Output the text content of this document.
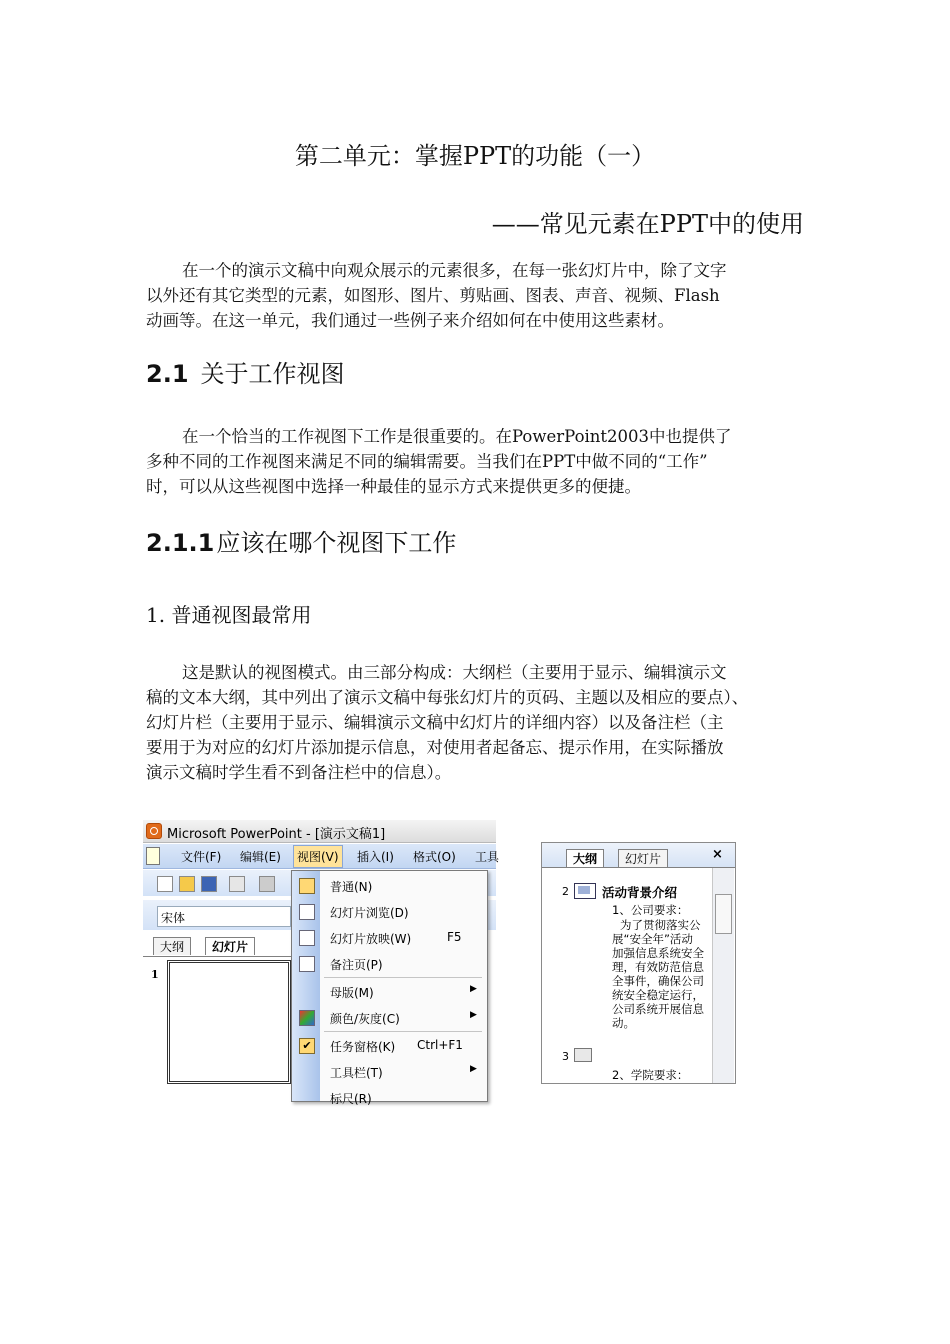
第二单元：掌握PPT的功能（一）
——常见元素在PPT中的使用

在一个的演示文稿中向观众展示的元素很多，在每一张幻灯片中，除了文字

以外还有其它类型的元素，如图形、图片、剪贴画、图表、声音、视频、Flash

动画等。在这一单元，我们通过一些例子来介绍如何在中使用这些素材。

2.1 关于工作视图

在一个恰当的工作视图下工作是很重要的。在PowerPoint2003中也提供了

多种不同的工作视图来满足不同的编辑需要。当我们在PPT中做不同的“工作”

时，可以从这些视图中选择一种最佳的显示方式来提供更多的便捷。

2.1.1应该在哪个视图下工作
1. 普通视图最常用

这是默认的视图模式。由三部分构成：大纲栏（主要用于显示、编辑演示文

稿的文本大纲，其中列出了演示文稿中每张幻灯片的页码、主题以及相应的要点）、

幻灯片栏（主要用于显示、编辑演示文稿中幻灯片的详细内容）以及备注栏（主

要用于为对应的幻灯片添加提示信息，对使用者起备忘、提示作用，在实际播放

演示文稿时学生看不到备注栏中的信息）。

Microsoft PowerPoint - [演示文稿1]
文件(F) 编辑(E)	视图(V)	插入(I) 格式(O) 工具
宋体
大纲	幻灯片
1
普通(N)
幻灯片浏览(D)
幻灯片放映(W)	F5
备注页(P)
母版(M)	▶
颜色/灰度(C)	▶
✔ 任务窗格(K) Ctrl+F1
工具栏(T)	▶
标尺(R)
大纲	幻灯片	×
2	活动背景介绍
1、公司要求：
为了贯彻落实公
展“安全年”活动
加强信息系统安全
理，有效防范信息
全事件，确保公司
统安全稳定运行，
公司系统开展信息
动。
3
2、学院要求：
